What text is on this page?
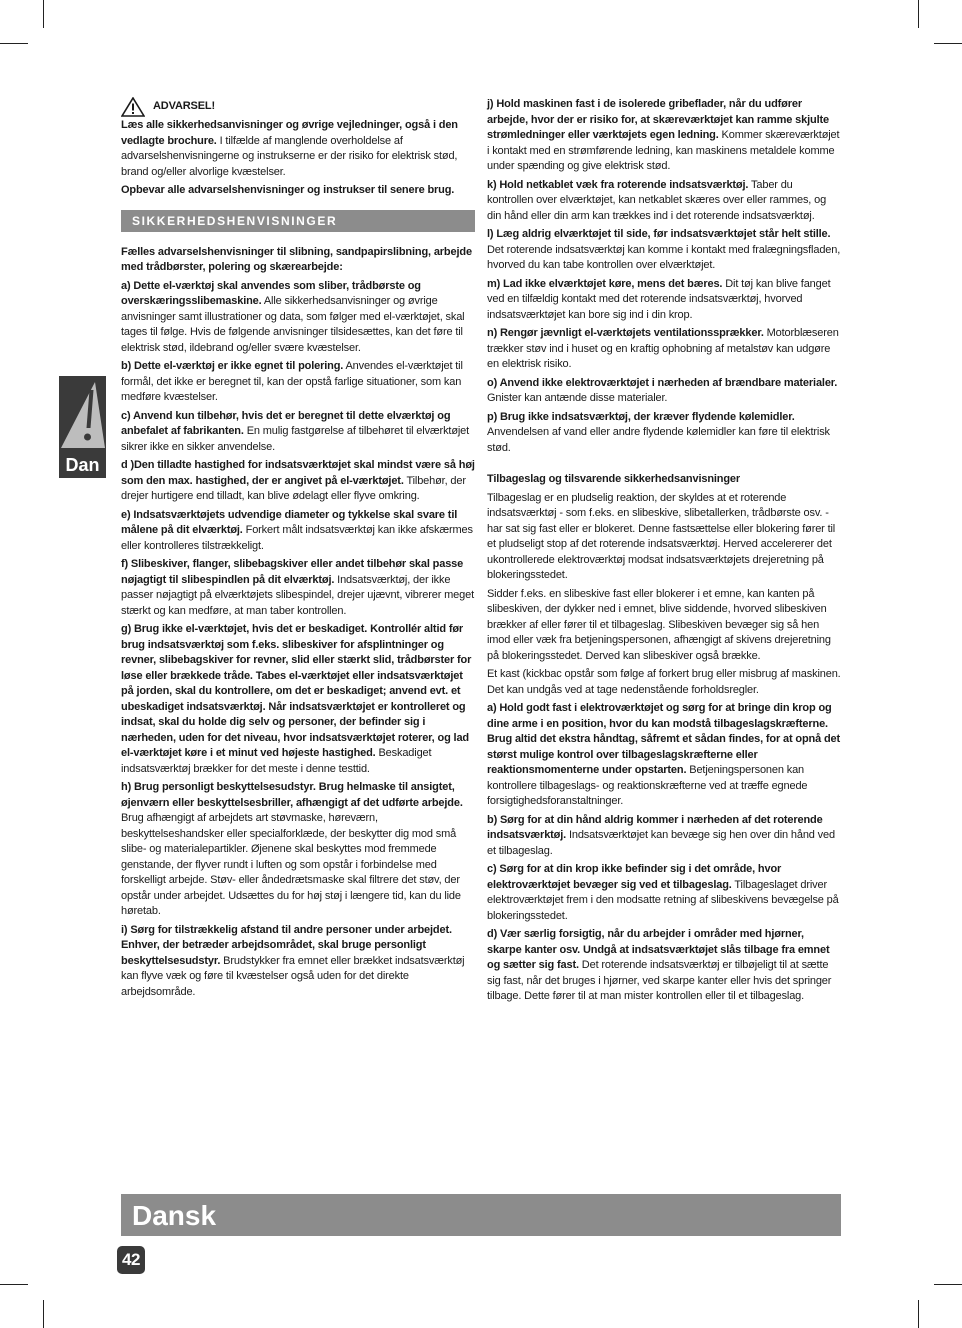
ADVARSEL!

Læs alle sikkerhedsanvisninger og øvrige vejledninger, også i den vedlagte brochure. I tilfælde af manglende overholdelse af advarselshenvisningerne og instrukserne er der risiko for elektrisk stød, brand og/eller alvorlige kvæstelser.

Opbevar alle advarselshenvisninger og instrukser til senere brug.

SIKKERHEDSHENVISNINGER

Fælles advarselshenvisninger til slibning, sandpapirslibning, arbejde med trådbørster, polering og skærearbejde:

a) Dette el-værktøj skal anvendes som sliber, trådbørste og overskæringsslibemaskine. Alle sikkerhedsanvisninger og øvrige anvisninger samt illustrationer og data, som følger med el-værktøjet, skal tages til følge. Hvis de følgende anvisninger tilsidesættes, kan det føre til elektrisk stød, ildebrand og/eller svære kvæstelser.

b) Dette el-værktøj er ikke egnet til polering. Anvendes el-værktøjet til formål, det ikke er beregnet til, kan der opstå farlige situationer, som kan medføre kvæstelser.

c) Anvend kun tilbehør, hvis det er beregnet til dette elværktøj og anbefalet af fabrikanten. En mulig fastgørelse af tilbehøret til elværktøjet sikrer ikke en sikker anvendelse.

d )Den tilladte hastighed for indsatsværktøjet skal mindst være så høj som den max. hastighed, der er angivet på el-værktøjet. Tilbehør, der drejer hurtigere end tilladt, kan blive ødelagt eller flyve omkring.

e) Indsatsværktøjets udvendige diameter og tykkelse skal svare til målene på dit elværktøj. Forkert målt indsatsværktøj kan ikke afskærmes eller kontrolleres tilstrækkeligt.

f) Slibeskiver, flanger, slibebagskiver eller andet tilbehør skal passe nøjagtigt til slibespindlen på dit elværktøj. Indsatsværktøj, der ikke passer nøjagtigt på elværktøjets slibespindel, drejer ujævnt, vibrerer meget stærkt og kan medføre, at man taber kontrollen.

g) Brug ikke el-værktøjet, hvis det er beskadiget. Kontrollér altid før brug indsatsværktøj som f.eks. slibeskiver for afsplintninger og revner, slibebagskiver for revner, slid eller stærkt slid, trådbørster for løse eller brækkede tråde. Tabes el-værktøjet eller indsatsværktøjet på jorden, skal du kontrollere, om det er beskadiget; anvend evt. et ubeskadiget indsatsværktøj. Når indsatsværktøjet er kontrolleret og indsat, skal du holde dig selv og personer, der befinder sig i nærheden, uden for det niveau, hvor indsatsværktøjet roterer, og lad el-værktøjet køre i et minut ved højeste hastighed. Beskadiget indsatsværktøj brækker for det meste i denne testtid.

h) Brug personligt beskyttelsesudstyr. Brug helmaske til ansigtet, øjenværn eller beskyttelsesbriller, afhængigt af det udførte arbejde. Brug afhængigt af arbejdets art støvmaske, høreværn, beskyttelseshandsker eller specialforklæde, der beskytter dig mod små slibe- og materialepartikler. Øjenene skal beskyttes mod fremmede genstande, der flyver rundt i luften og som opstår i forbindelse med forskelligt arbejde. Støv- eller åndedrætsmaske skal filtrere det støv, der opstår under arbejdet. Udsættes du for høj støj i længere tid, kan du lide høretab.

i) Sørg for tilstrækkelig afstand til andre personer under arbejdet. Enhver, der betræder arbejdsområdet, skal bruge personligt beskyttelsesudstyr. Brudstykker fra emnet eller brækket indsatsværktøj kan flyve væk og føre til kvæstelser også uden for det direkte arbejdsområde.

j) Hold maskinen fast i de isolerede gribeflader, når du udfører arbejde, hvor der er risiko for, at skæreværktøjet kan ramme skjulte strømledninger eller værktøjets egen ledning. Kommer skæreværktøjet i kontakt med en strømførende ledning, kan maskinens metaldele komme under spænding og give elektrisk stød.

k) Hold netkablet væk fra roterende indsatsværktøj. Taber du kontrollen over elværktøjet, kan netkablet skæres over eller rammes, og din hånd eller din arm kan trækkes ind i det roterende indsatsværktøj.

l) Læg aldrig elværktøjet til side, før indsatsværktøjet står helt stille. Det roterende indsatsværktøj kan komme i kontakt med fralægningsfladen, hvorved du kan tabe kontrollen over elværktøjet.

m) Lad ikke elværktøjet køre, mens det bæres. Dit tøj kan blive fanget ved en tilfældig kontakt med det roterende indsatsværktøj, hvorved indsatsværktøjet kan bore sig ind i din krop.

n) Rengør jævnligt el-værktøjets ventilationssprækker. Motorblæseren trækker støv ind i huset og en kraftig ophobning af metalstøv kan udgøre en elektrisk risiko.

o) Anvend ikke elektroværktøjet i nærheden af brændbare materialer. Gnister kan antænde disse materialer.

p) Brug ikke indsatsværktøj, der kræver flydende kølemidler. Anvendelsen af vand eller andre flydende kølemidler kan føre til elektrisk stød.

Tilbageslag og tilsvarende sikkerhedsanvisninger

Tilbageslag er en pludselig reaktion, der skyldes at et roterende indsatsværktøj - som f.eks. en slibeskive, slibetallerken, trådbørste osv. - har sat sig fast eller er blokeret. Denne fastsættelse eller blokering fører til et pludseligt stop af det roterende indsatsværktøj. Herved accelererer det ukontrollerede elektroværktøj modsat indsatsværktøjets drejeretning på blokeringsstedet.

Sidder f.eks. en slibeskive fast eller blokerer i et emne, kan kanten på slibeskiven, der dykker ned i emnet, blive siddende, hvorved slibeskiven brækker af eller fører til et tilbageslag. Slibeskiven bevæger sig så hen imod eller væk fra betjeningspersonen, afhængigt af skivens drejeretning på blokeringsstedet. Derved kan slibeskiver også brække.

Et kast (kickbac opstår som følge af forkert brug eller misbrug af maskinen. Det kan undgås ved at tage nedenstående forholdsregler.

a) Hold godt fast i elektroværktøjet og sørg for at bringe din krop og dine arme i en position, hvor du kan modstå tilbageslagskræfterne. Brug altid det ekstra håndtag, såfremt et sådan findes, for at opnå det størst mulige kontrol over tilbageslagskræfterne eller reaktionsmomenterne under opstarten. Betjeningspersonen kan kontrollere tilbageslags- og reaktionskræfterne ved at træffe egnede forsigtighedsforanstaltninger.

b) Sørg for at din hånd aldrig kommer i nærheden af det roterende indsatsværktøj. Indsatsværktøjet kan bevæge sig hen over din hånd ved et tilbageslag.

c) Sørg for at din krop ikke befinder sig i det område, hvor elektroværktøjet bevæger sig ved et tilbageslag. Tilbageslaget driver elektroværktøjet frem i den modsatte retning af slibeskivens bevægelse på blokeringsstedet.

d) Vær særlig forsigtig, når du arbejder i områder med hjørner, skarpe kanter osv. Undgå at indsatsværktøjet slås tilbage fra emnet og sætter sig fast. Det roterende indsatsværktøj er tilbøjeligt til at sætte sig fast, når det bruges i hjørner, ved skarpe kanter eller hvis det springer tilbage. Dette fører til at man mister kontrollen eller til et tilbageslag.

Dan
Dansk
42
